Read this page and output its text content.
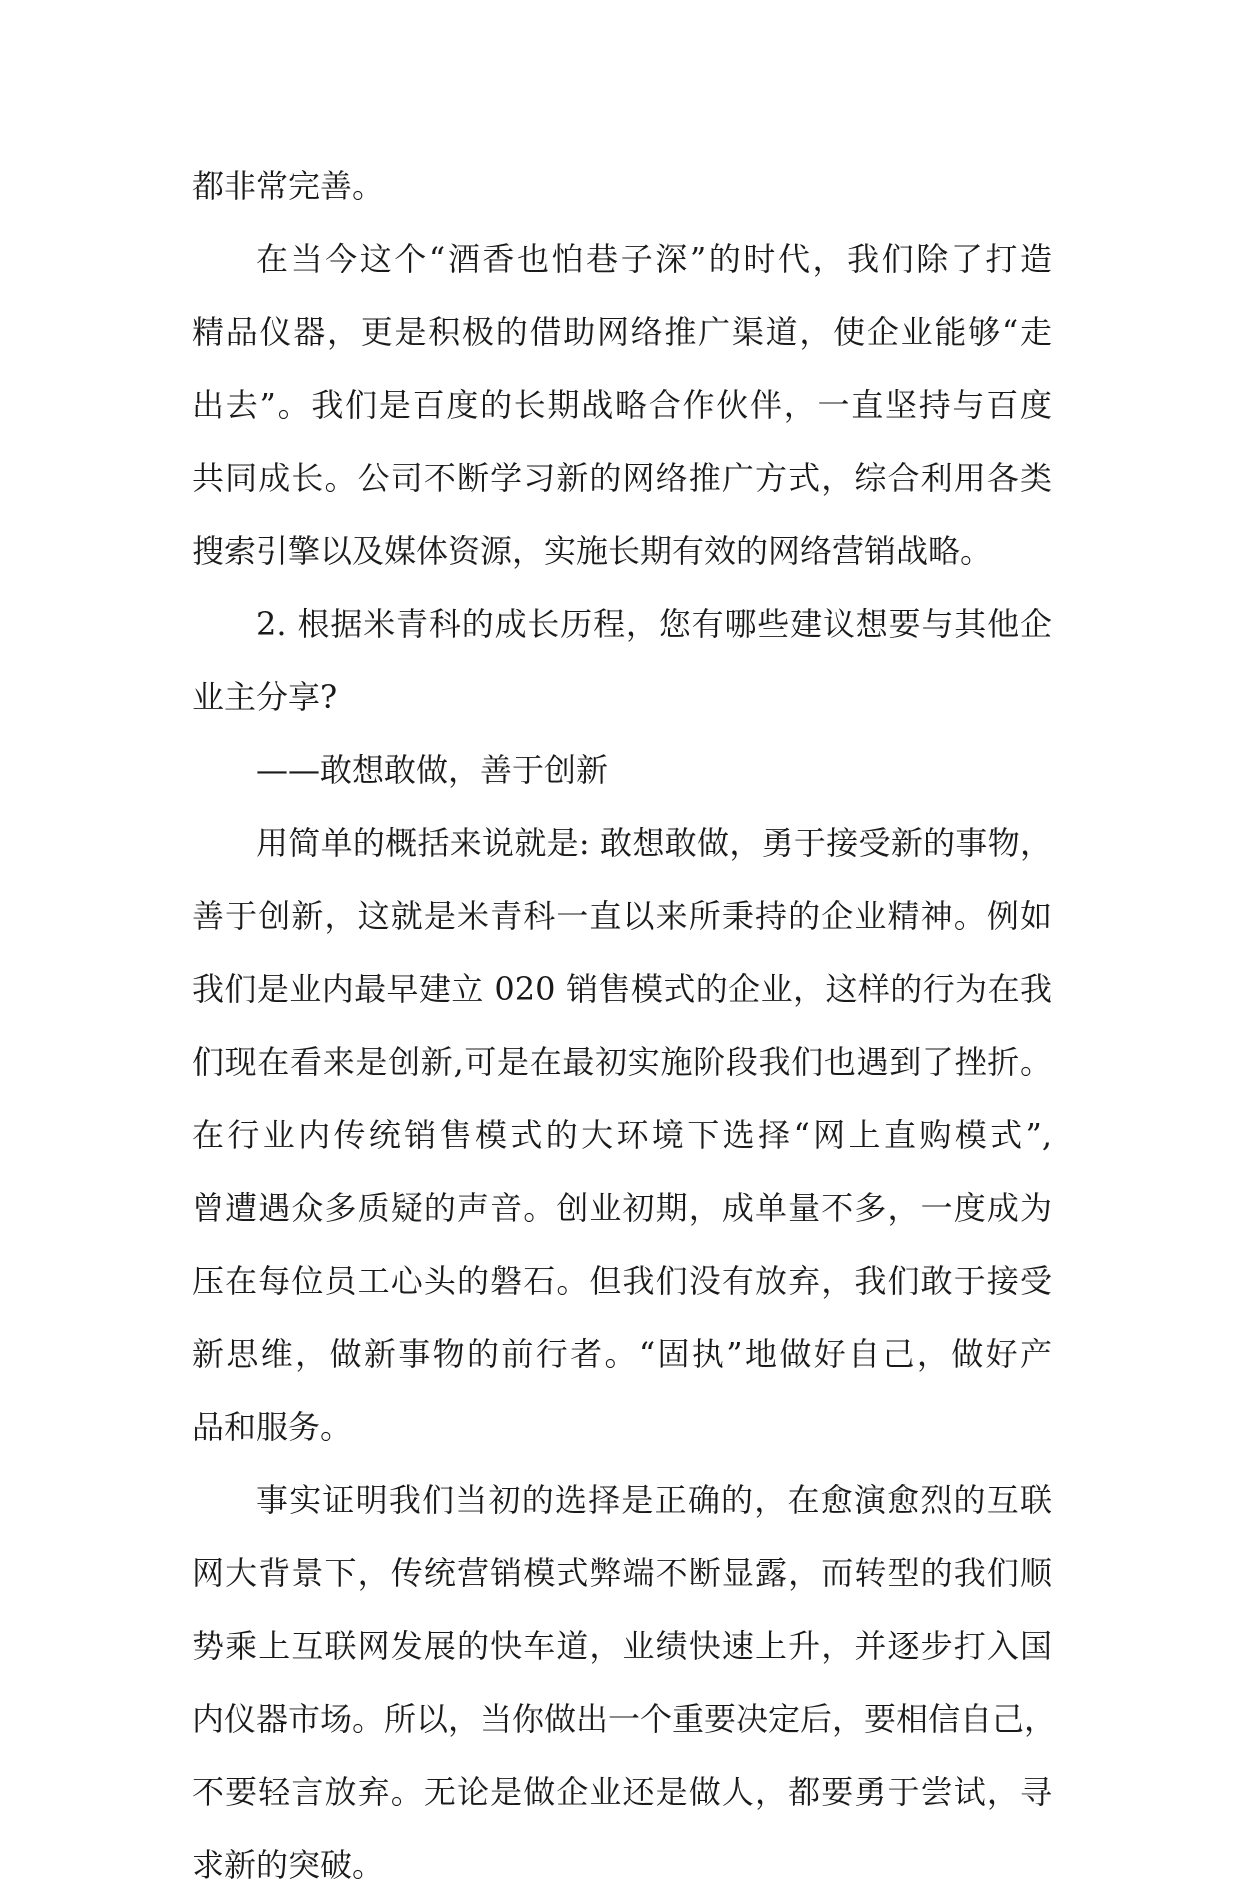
都非常完善。
在当今这个“酒香也怕巷子深”的时代，我们除了打造
精品仪器，更是积极的借助网络推广渠道，使企业能够“走
出去”。我们是百度的长期战略合作伙伴，一直坚持与百度
共同成长。公司不断学习新的网络推广方式，综合利用各类
搜索引擎以及媒体资源，实施长期有效的网络营销战略。
2. 根据米青科的成长历程，您有哪些建议想要与其他企
业主分享?
——敢想敢做，善于创新
用简单的概括来说就是: 敢想敢做，勇于接受新的事物，
善于创新，这就是米青科一直以来所秉持的企业精神。例如
我们是业内最早建立 020 销售模式的企业，这样的行为在我
们现在看来是创新,可是在最初实施阶段我们也遇到了挫折。
在行业内传统销售模式的大环境下选择“网上直购模式”,
曾遭遇众多质疑的声音。创业初期，成单量不多，一度成为
压在每位员工心头的磐石。但我们没有放弃，我们敢于接受
新思维，做新事物的前行者。“固执”地做好自己，做好产
品和服务。
事实证明我们当初的选择是正确的，在愈演愈烈的互联
网大背景下，传统营销模式弊端不断显露，而转型的我们顺
势乘上互联网发展的快车道，业绩快速上升，并逐步打入国
内仪器市场。所以，当你做出一个重要决定后，要相信自己，
不要轻言放弃。无论是做企业还是做人，都要勇于尝试，寻
求新的突破。
